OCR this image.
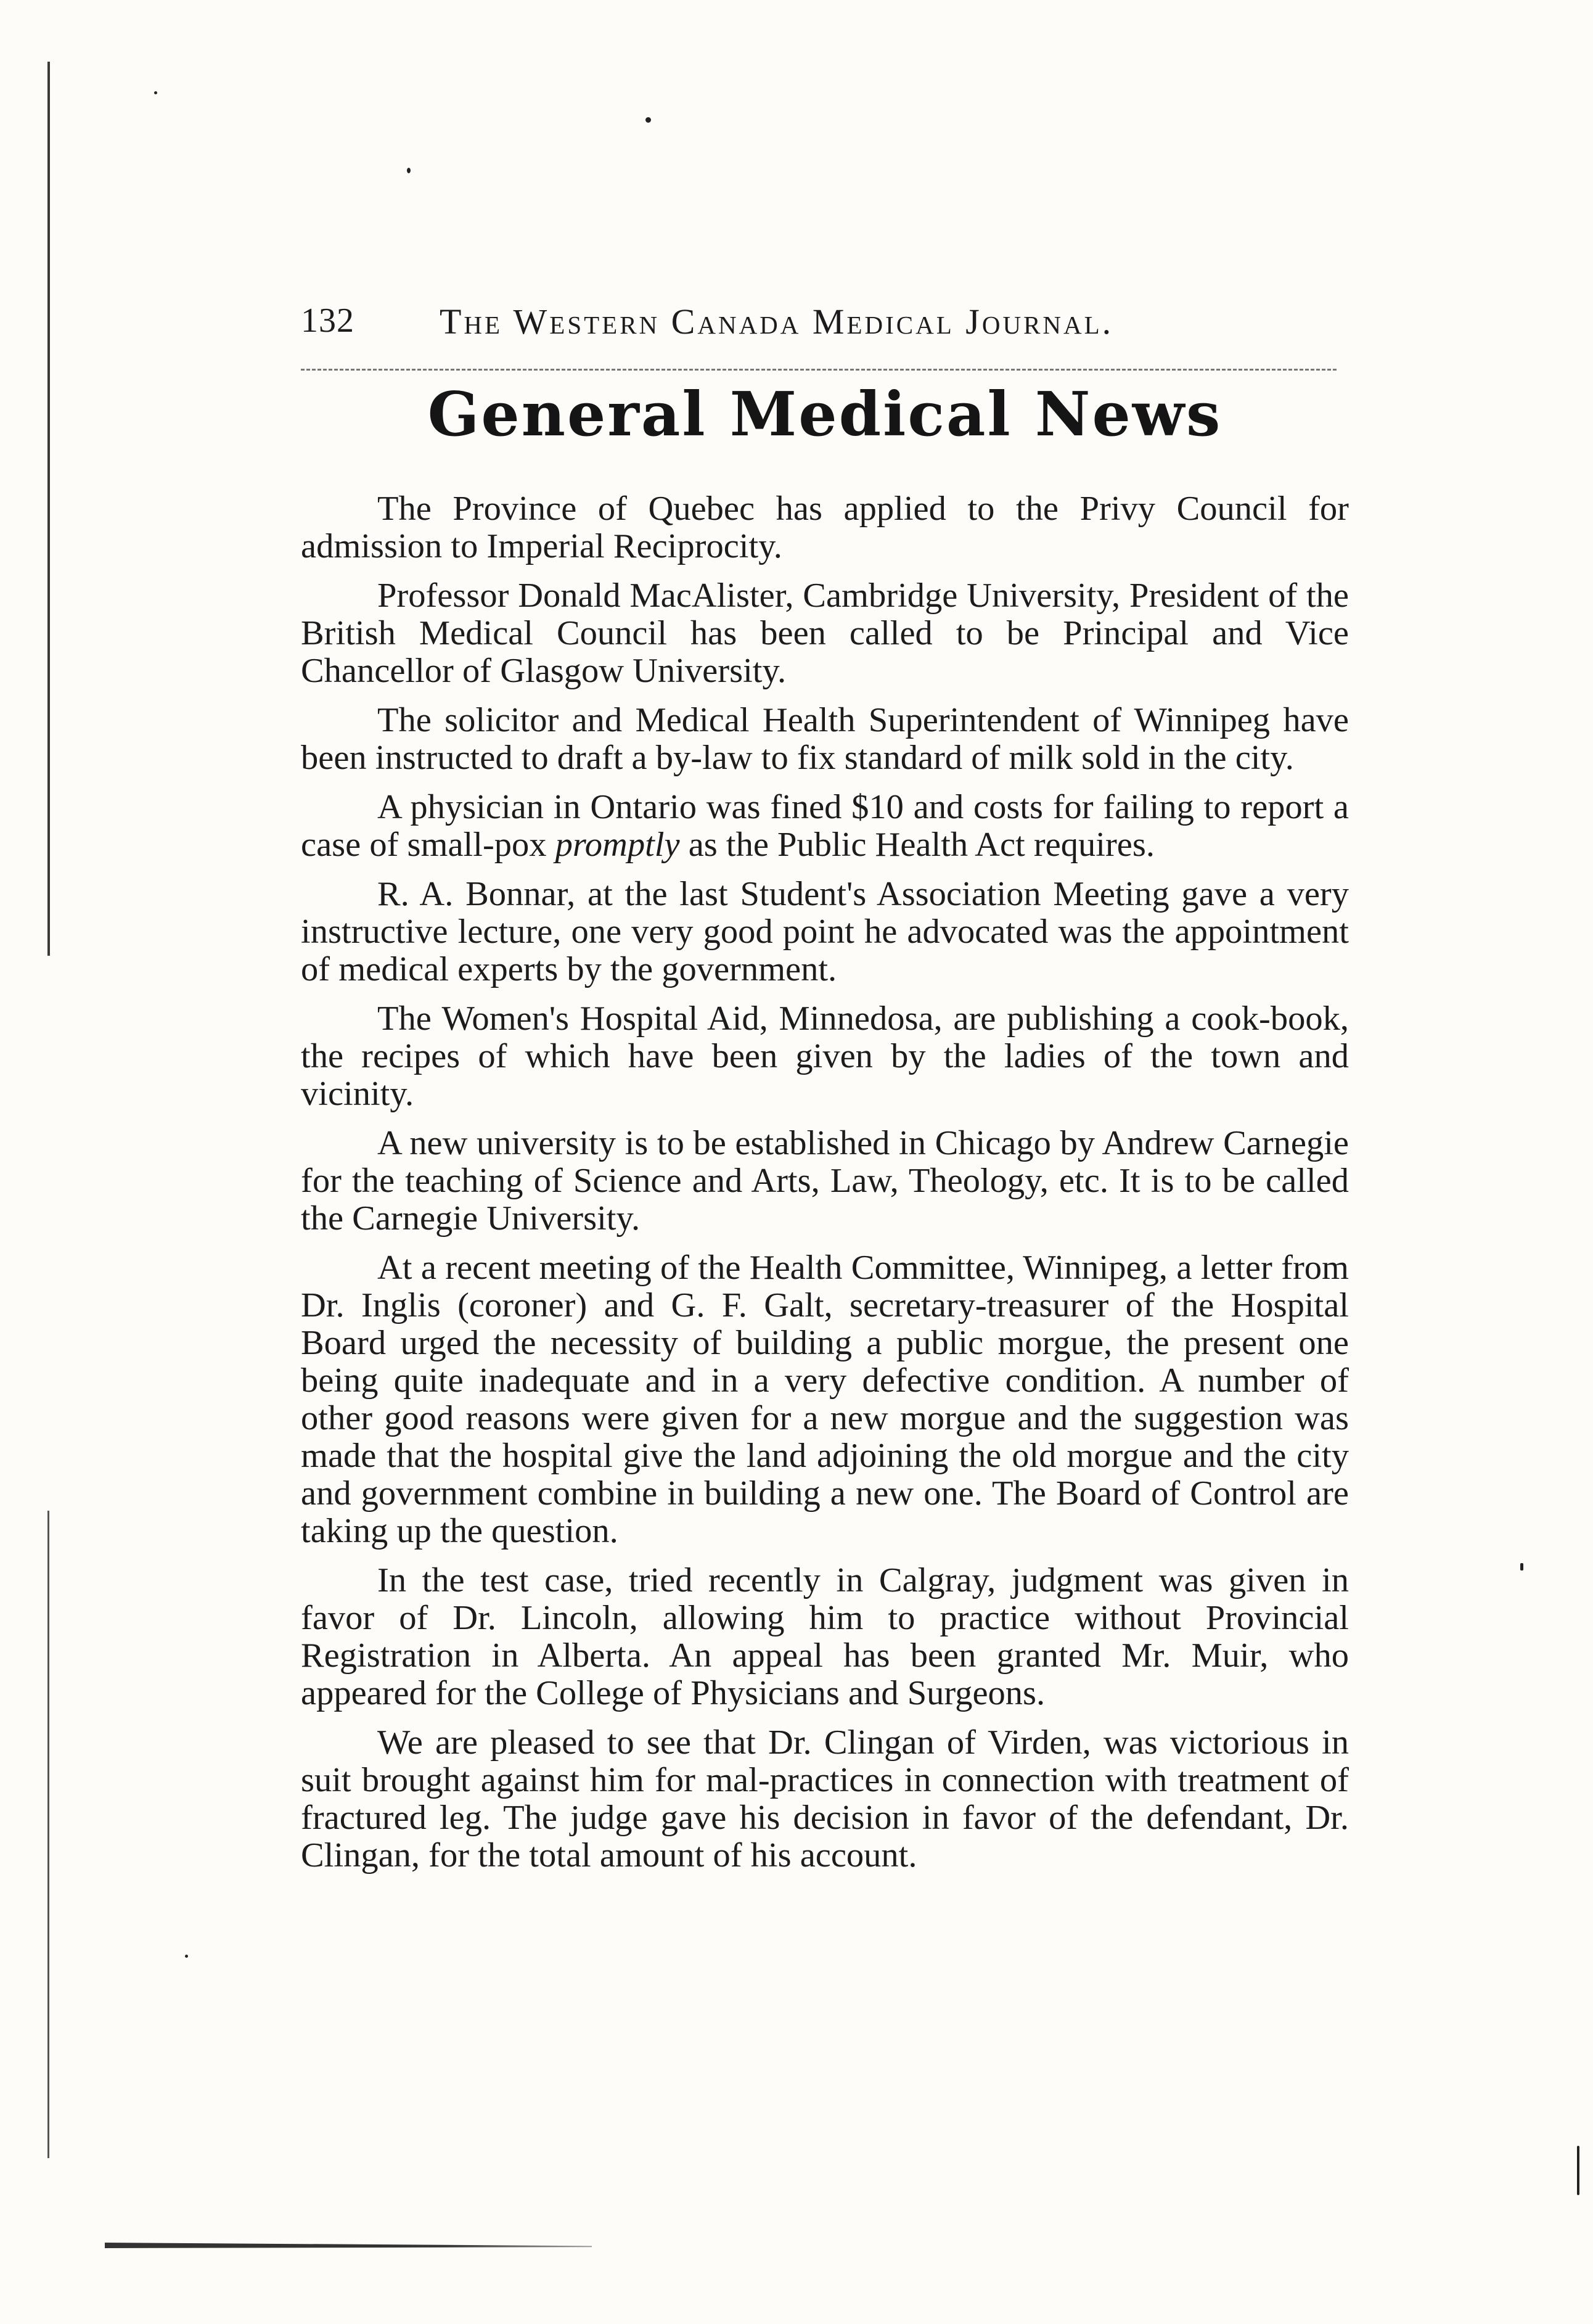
132 The Western Canada Medical Journal.
General Medical News

The Province of Quebec has applied to the Privy Council for admission to Imperial Reciprocity.

Professor Donald MacAlister, Cambridge University, President of the British Medical Council has been called to be Principal and Vice Chancellor of Glasgow University.

The solicitor and Medical Health Superintendent of Winnipeg have been instructed to draft a by-law to fix standard of milk sold in the city.

A physician in Ontario was fined $10 and costs for failing to report a case of small-pox promptly as the Public Health Act requires.

R. A. Bonnar, at the last Student's Association Meeting gave a very instructive lecture, one very good point he advocated was the appointment of medical experts by the government.

The Women's Hospital Aid, Minnedosa, are publishing a cook-book, the recipes of which have been given by the ladies of the town and vicinity.

A new university is to be established in Chicago by Andrew Carnegie for the teaching of Science and Arts, Law, Theology, etc. It is to be called the Carnegie University.

At a recent meeting of the Health Committee, Winnipeg, a letter from Dr. Inglis (coroner) and G. F. Galt, secretary-treasurer of the Hospital Board urged the necessity of building a public morgue, the present one being quite inadequate and in a very defective condition. A number of other good reasons were given for a new morgue and the suggestion was made that the hospital give the land adjoining the old morgue and the city and government combine in building a new one. The Board of Control are taking up the question.

In the test case, tried recently in Calgray, judgment was given in favor of Dr. Lincoln, allowing him to practice without Provincial Registration in Alberta. An appeal has been granted Mr. Muir, who appeared for the College of Physicians and Surgeons.

We are pleased to see that Dr. Clingan of Virden, was victorious in suit brought against him for mal-practices in connection with treatment of fractured leg. The judge gave his decision in favor of the defendant, Dr. Clingan, for the total amount of his account.
